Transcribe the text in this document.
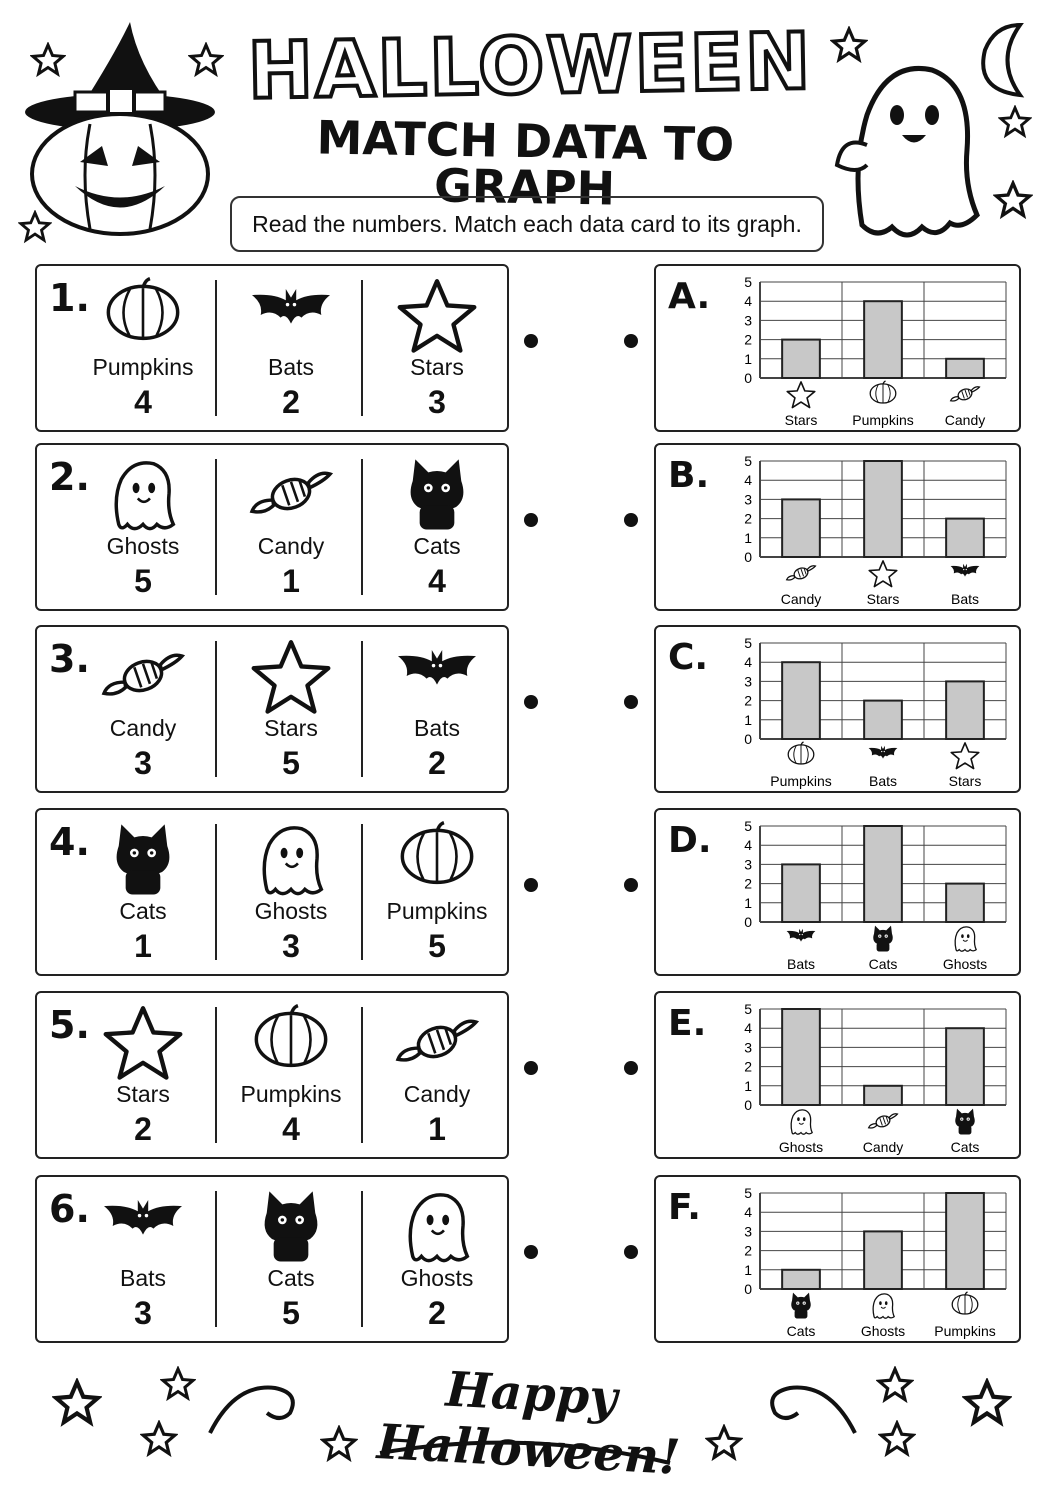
HALLOWEEN
MATCH DATA TO GRAPH
Read the numbers. Match each data card to its graph.
1.
Pumpkins
4
Bats
2
Stars
3
2.
Ghosts
5
Candy
1
Cats
4
3.
Candy
3
Stars
5
Bats
2
4.
Cats
1
Ghosts
3
Pumpkins
5
5.
Stars
2
Pumpkins
4
Candy
1
6.
Bats
3
Cats
5
Ghosts
2
A.
0
1
2
3
4
5
Stars Pumpkins Candy
B.
0
1
2
3
4
5
Candy	Stars	Bats
C.
0
1
2
3
4
5
Pumpkins	Bats	Stars
D.
0
1
2
3
4
5
Bats	Cats	Ghosts
E.
0
1
2
3
4
5
Ghosts	Candy	Cats
F.
0
1
2
3
4
5
Cats	Ghosts Pumpkins
Happy Halloween!
